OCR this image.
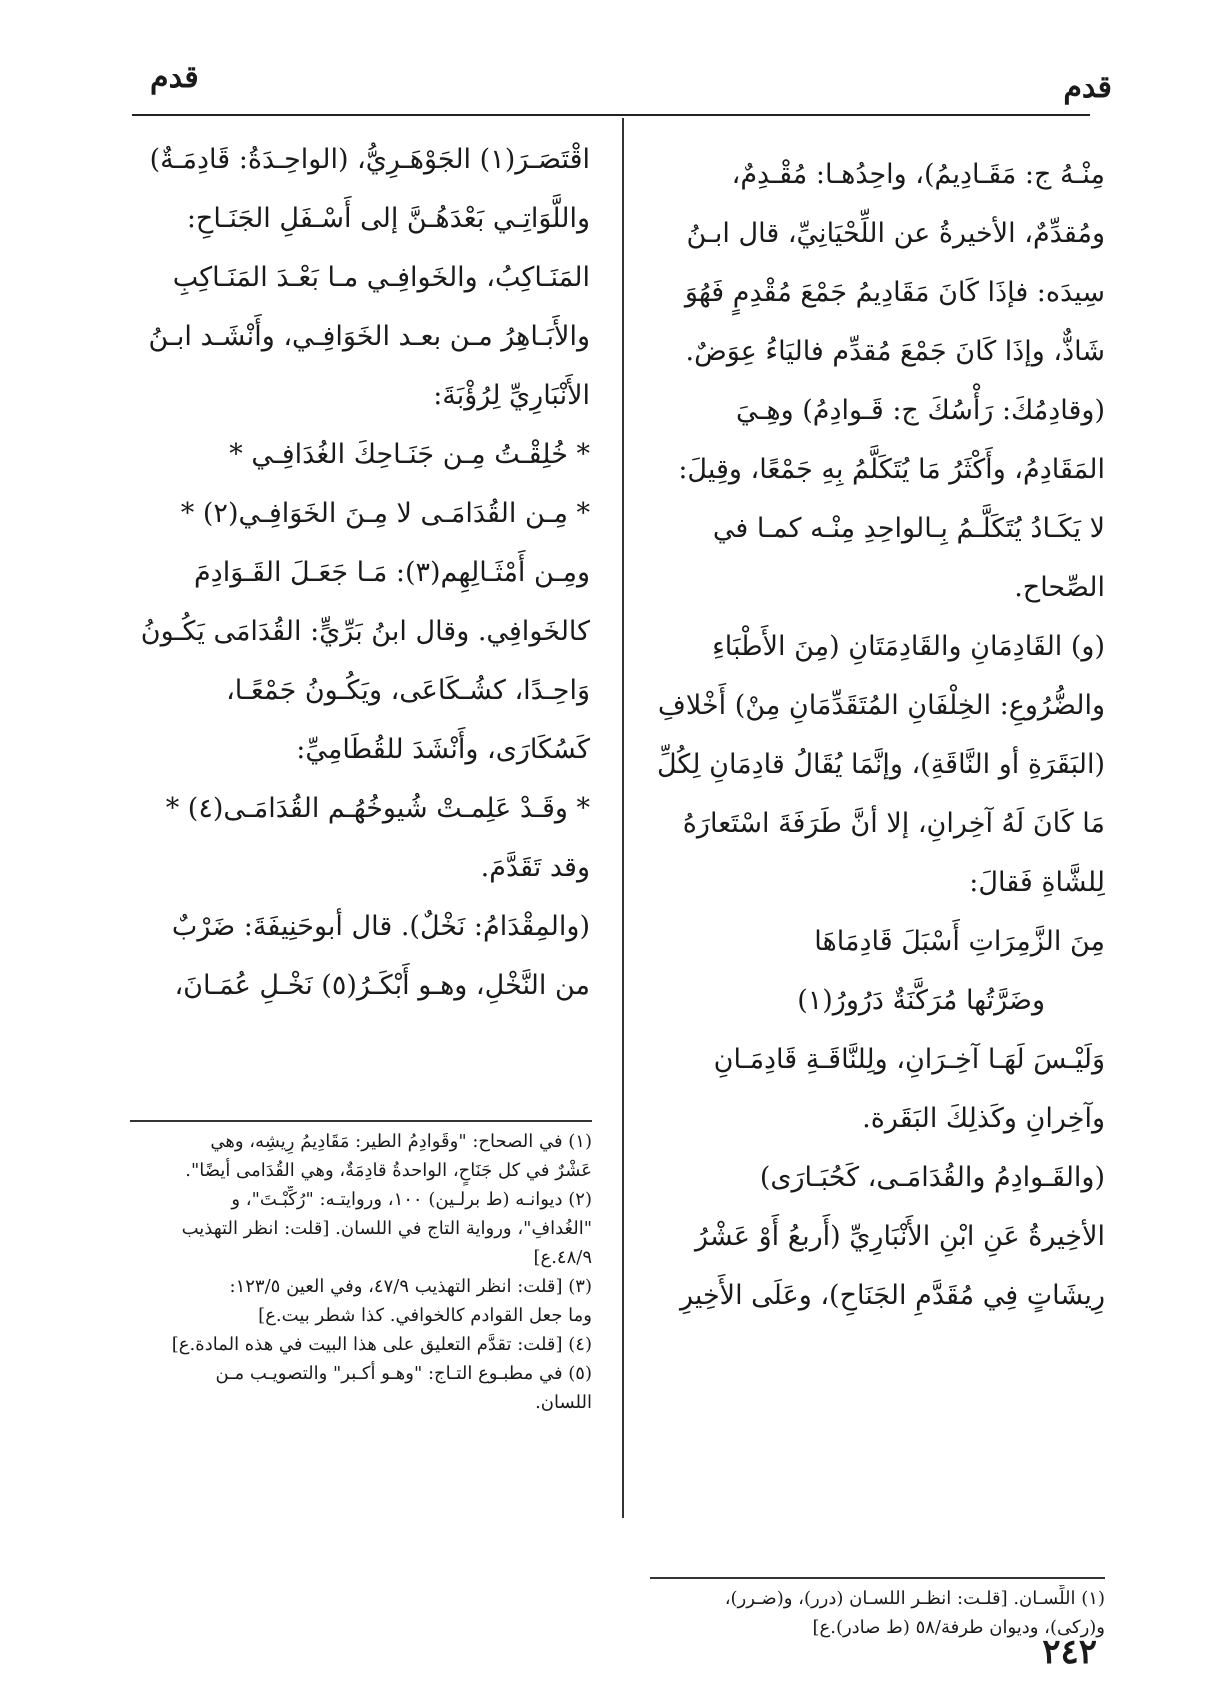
قدم
قدم
مِنْـهُ ج: مَقَـادِيمُ)، واحِدُهـا: مُقْـدِمٌ،
ومُقدِّمٌ، الأخيرةُ عن اللِّحْيَانِيِّ، قال ابـنُ
سِيدَه: فإذَا كَانَ مَقَادِيمُ جَمْعَ مُقْدِمٍ فَهُوَ
شَاذٌّ، وإذَا كَانَ جَمْعَ مُقدِّم فاليَاءُ عِوَضٌ.
(وقادِمُكَ: رَأْسُكَ ج: قَـوادِمُ) وهِـيَ
المَقَادِمُ، وأَكْثَرُ مَا يُتَكَلَّمُ بِهِ جَمْعًا، وقِيلَ:
لا يَكَـادُ يُتَكَلَّـمُ بِـالواحِدِ مِنْـه كمـا في
الصِّحاح.
(و) القَادِمَانِ والقَادِمَتَانِ (مِنَ الأَطْبَاءِ
والضُّرُوعِ: الخِلْفَانِ المُتَقَدِّمَانِ مِنْ) أَخْلافِ
(البَقَرَةِ أو النَّاقَةِ)، وإنَّمَا يُقَالُ قادِمَانِ لِكُلِّ
مَا كَانَ لَهُ آخِرانِ، إلا أنَّ طَرَفَةَ اسْتَعارَهُ
لِلشَّاةِ فَقالَ:
مِنَ الزَّمِرَاتِ أَسْبَلَ قَادِمَاهَا
وضَرَّتُها مُرَكَّنَةٌ دَرُورُ(١)
وَلَيْـسَ لَهَـا آخِـرَانِ، ولِلنَّاقَـةِ قَادِمَـانِ
وآخِرانِ وكَذلِكَ البَقَرة.
(والقَـوادِمُ والقُدَامَـى، كَحُبَـارَى)
الأخِيرةُ عَنِ ابْنِ الأَنْبَارِيِّ (أَربعُ أَوْ عَشْرُ
رِيشَاتٍ فِي مُقَدَّمِ الجَنَاحِ)، وعَلَى الأَخِيرِ
اقْتَصَـرَ(١) الجَوْهَـرِيُّ، (الواحِـدَةُ: قَادِمَـةٌ)
واللَّوَاتِـي بَعْدَهُـنَّ إلى أَسْـفَلِ الجَنَـاحِ:
المَنَـاكِبُ، والخَوافِـي مـا بَعْـدَ المَنَـاكِبِ
والأَبَـاهِرُ مـن بعـد الخَوَافِـي، وأَنْشَـد ابـنُ
الأَنْبَارِيِّ لِرُؤْبَةَ:
* خُلِقْـتُ مِـن جَنَـاحِكَ الغُدَافِـي *
* مِـن القُدَامَـى لا مِـنَ الخَوَافِـي(٢) *
ومِـن أَمْثَـالِهِم(٣): مَـا جَعَـلَ القَـوَادِمَ
كالخَوافِي. وقال ابنُ بَرِّيٍّ: القُدَامَى يَكُـونُ
وَاحِـدًا، كشُـكَاعَى، ويَكُـونُ جَمْعًـا،
كَسُكَارَى، وأَنْشَدَ للقُطَامِيِّ:
* وقَـدْ عَلِمـتْ شُيوخُهُـم القُدَامَـى(٤) *
وقد تَقَدَّمَ.
(والمِقْدَامُ: نَخْلٌ). قال أبوحَنِيفَةَ: ضَرْبٌ
من النَّخْلِ، وهـو أَبْكَـرُ(٥) نَخْـلِ عُمَـانَ،
(١) في الصحاح: "وقَوادِمُ الطير: مَقَادِيمُ رِيشِه، وهي
عَشْرٌ في كل جَنَاحٍ، الواحدةُ قادِمَةٌ، وهي القُدَامى أيضًا".
(٢) ديوانـه (ط برلـين) ١٠٠، وروايتـه: "رُكِّبْـتَ"، و
"الغُدافِ"، ورواية التاج في اللسان. [قلت: انظر التهذيب
٤٨/٩.ع]
(٣) [قلت: انظر التهذيب ٤٧/٩، وفي العين ١٢٣/٥:
وما جعل القوادم كالخوافي. كذا شطر بيت.ع]
(٤) [قلت: تقدَّم التعليق على هذا البيت في هذه المادة.ع]
(٥) في مطبـوع التـاج: "وهـو أكـبر" والتصويـب مـن
اللسان.
(١) اللِّسـان. [قلـت: انظـر اللسـان (درر)، و(ضـرر)،
و(ركى)، وديوان طرفة/٥٨ (ط صادر).ع]
٢٤٢
